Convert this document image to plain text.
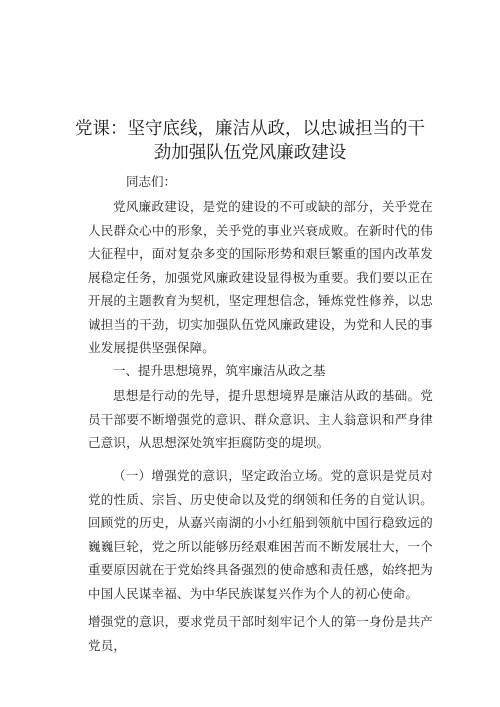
党课：坚守底线，廉洁从政，以忠诚担当的干
劲加强队伍党风廉政建设
同志们：
党风廉政建设，是党的建设的不可或缺的部分，关乎党在人民群众心中的形象，关乎党的事业兴衰成败。在新时代的伟大征程中，面对复杂多变的国际形势和艰巨繁重的国内改革发展稳定任务，加强党风廉政建设显得极为重要。我们要以正在开展的主题教育为契机，坚定理想信念，锤炼党性修养，以忠诚担当的干劲，切实加强队伍党风廉政建设，为党和人民的事业发展提供坚强保障。
一、提升思想境界，筑牢廉洁从政之基
思想是行动的先导，提升思想境界是廉洁从政的基础。党员干部要不断增强党的意识、群众意识、主人翁意识和严身律己意识，从思想深处筑牢拒腐防变的堤坝。
（一）增强党的意识，坚定政治立场。党的意识是党员对党的性质、宗旨、历史使命以及党的纲领和任务的自觉认识。回顾党的历史，从嘉兴南湖的小小红船到领航中国行稳致远的巍巍巨轮，党之所以能够历经艰难困苦而不断发展壮大，一个重要原因就在于党始终具备强烈的使命感和责任感，始终把为中国人民谋幸福、为中华民族谋复兴作为个人的初心使命。
增强党的意识，要求党员干部时刻牢记个人的第一身份是共产党员，
